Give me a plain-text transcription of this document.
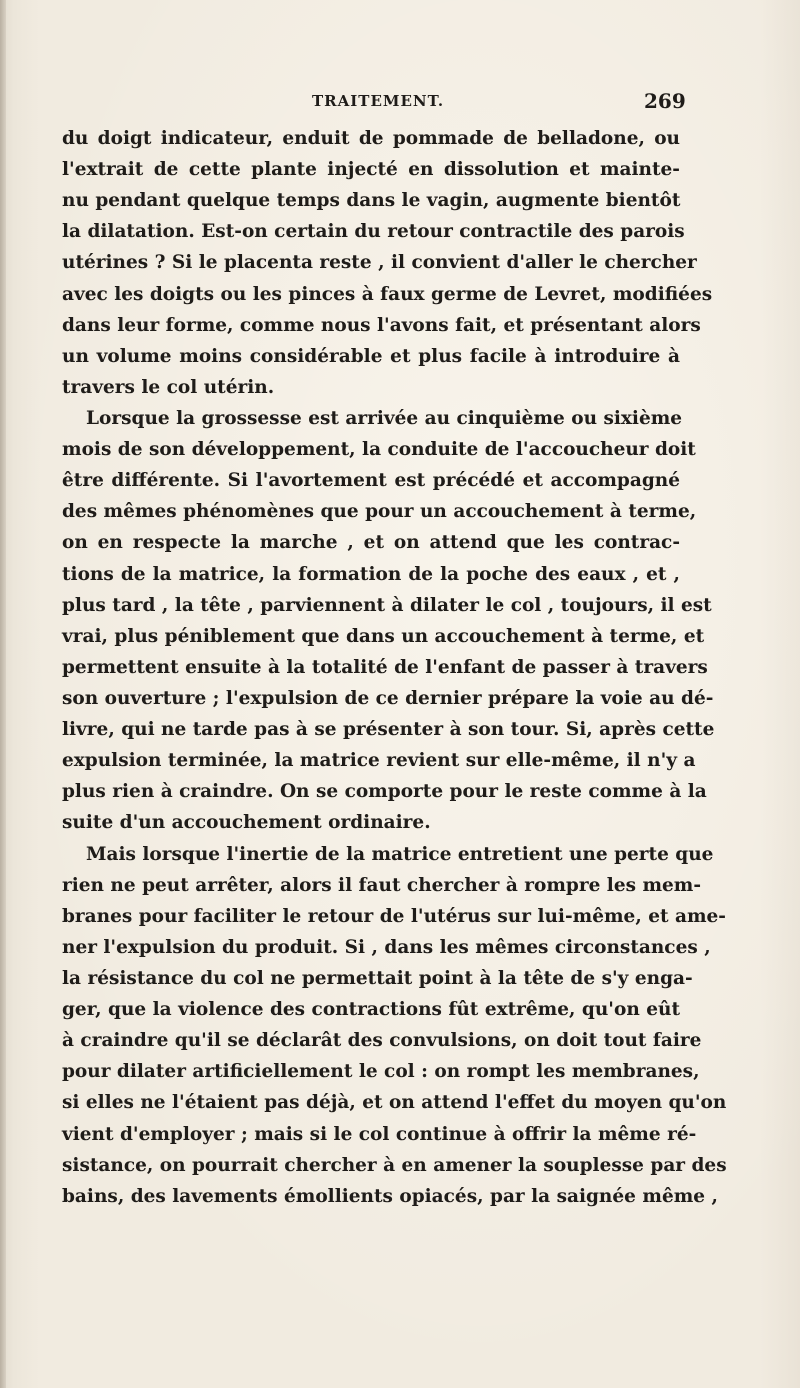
TRAITEMENT.	269
du doigt indicateur, enduit de pommade de belladone, ou
l'extrait de cette plante injecté en dissolution et mainte-
nu pendant quelque temps dans le vagin, augmente bientôt
la dilatation. Est-on certain du retour contractile des parois
utérines ? Si le placenta reste , il convient d'aller le chercher
avec les doigts ou les pinces à faux germe de Levret, modifiées
dans leur forme, comme nous l'avons fait, et présentant alors
un volume moins considérable et plus facile à introduire à
travers le col utérin.
Lorsque la grossesse est arrivée au cinquième ou sixième
mois de son développement, la conduite de l'accoucheur doit
être différente. Si l'avortement est précédé et accompagné
des mêmes phénomènes que pour un accouchement à terme,
on en respecte la marche , et on attend que les contrac-
tions de la matrice, la formation de la poche des eaux , et ,
plus tard , la tête , parviennent à dilater le col , toujours, il est
vrai, plus péniblement que dans un accouchement à terme, et
permettent ensuite à la totalité de l'enfant de passer à travers
son ouverture ; l'expulsion de ce dernier prépare la voie au dé-
livre, qui ne tarde pas à se présenter à son tour. Si, après cette
expulsion terminée, la matrice revient sur elle-même, il n'y a
plus rien à craindre. On se comporte pour le reste comme à la
suite d'un accouchement ordinaire.
Mais lorsque l'inertie de la matrice entretient une perte que
rien ne peut arrêter, alors il faut chercher à rompre les mem-
branes pour faciliter le retour de l'utérus sur lui-même, et ame-
ner l'expulsion du produit. Si , dans les mêmes circonstances ,
la résistance du col ne permettait point à la tête de s'y enga-
ger, que la violence des contractions fût extrême, qu'on eût
à craindre qu'il se déclarât des convulsions, on doit tout faire
pour dilater artificiellement le col : on rompt les membranes,
si elles ne l'étaient pas déjà, et on attend l'effet du moyen qu'on
vient d'employer ; mais si le col continue à offrir la même ré-
sistance, on pourrait chercher à en amener la souplesse par des
bains, des lavements émollients opiacés, par la saignée même ,
